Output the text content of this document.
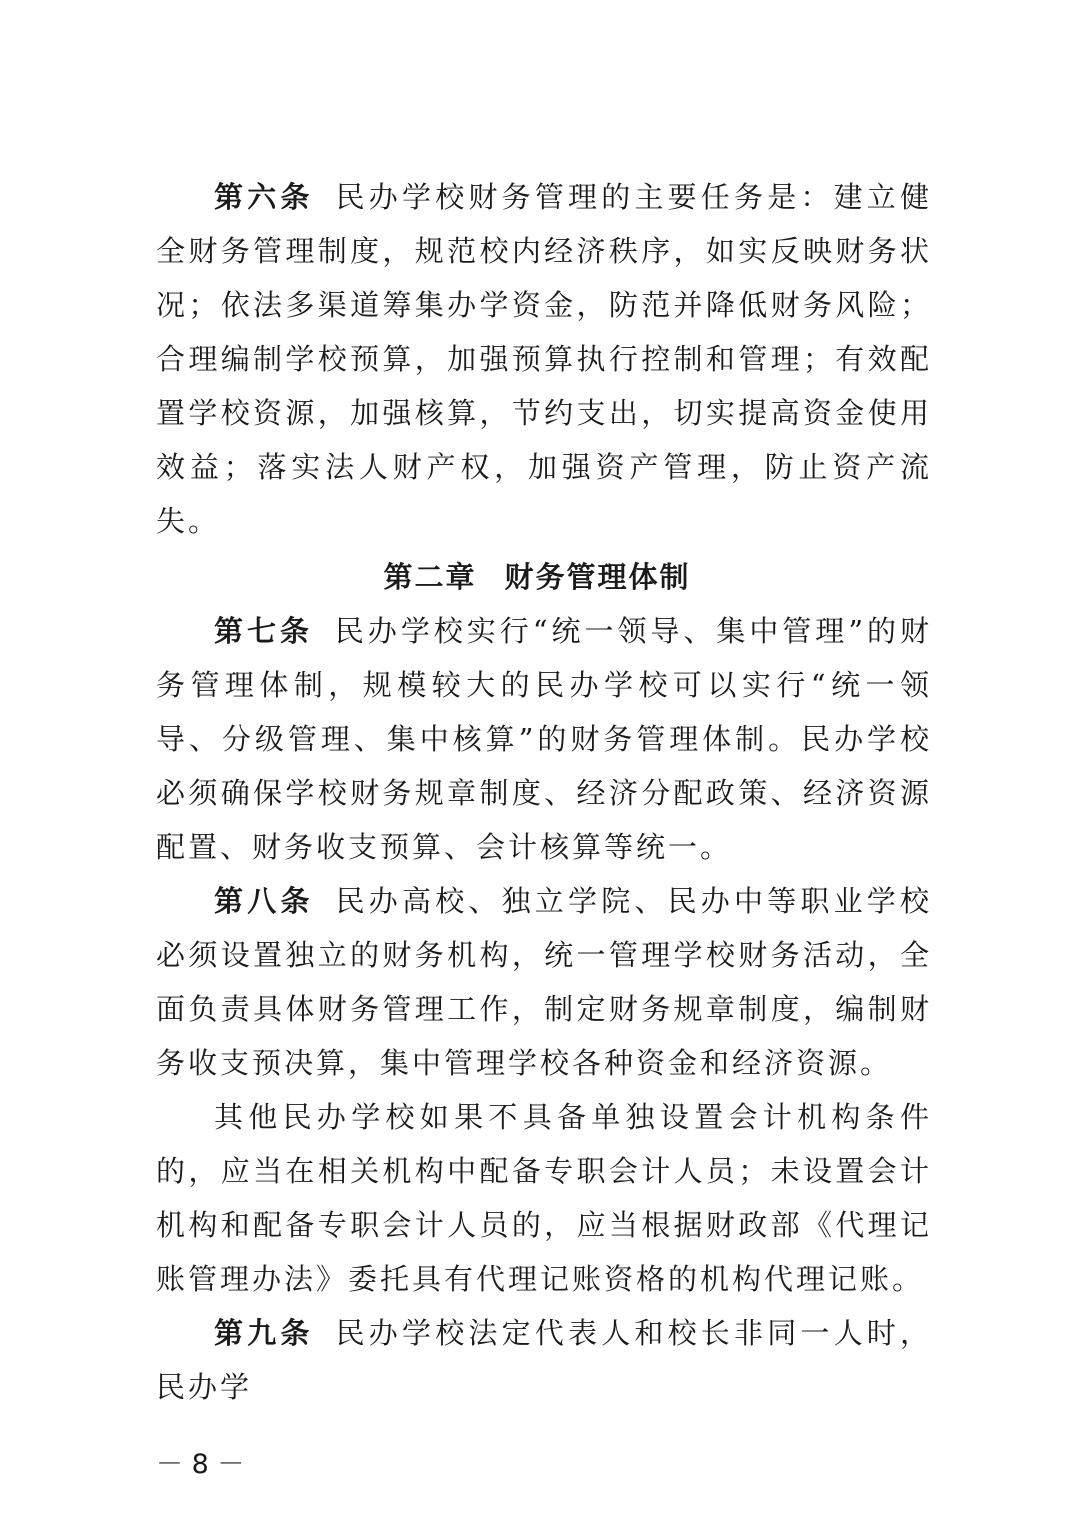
第六条 民办学校财务管理的主要任务是：建立健全财务管理制度，规范校内经济秩序，如实反映财务状况；依法多渠道筹集办学资金，防范并降低财务风险；合理编制学校预算，加强预算执行控制和管理；有效配置学校资源，加强核算，节约支出，切实提高资金使用效益；落实法人财产权，加强资产管理，防止资产流失。

第二章 财务管理体制

第七条 民办学校实行“统一领导、集中管理”的财务管理体制，规模较大的民办学校可以实行“统一领导、分级管理、集中核算”的财务管理体制。民办学校必须确保学校财务规章制度、经济分配政策、经济资源配置、财务收支预算、会计核算等统一。

第八条 民办高校、独立学院、民办中等职业学校必须设置独立的财务机构，统一管理学校财务活动，全面负责具体财务管理工作，制定财务规章制度，编制财务收支预决算，集中管理学校各种资金和经济资源。

其他民办学校如果不具备单独设置会计机构条件的，应当在相关机构中配备专职会计人员；未设置会计机构和配备专职会计人员的，应当根据财政部《代理记账管理办法》委托具有代理记账资格的机构代理记账。

第九条 民办学校法定代表人和校长非同一人时，民办学

－ 8 －
